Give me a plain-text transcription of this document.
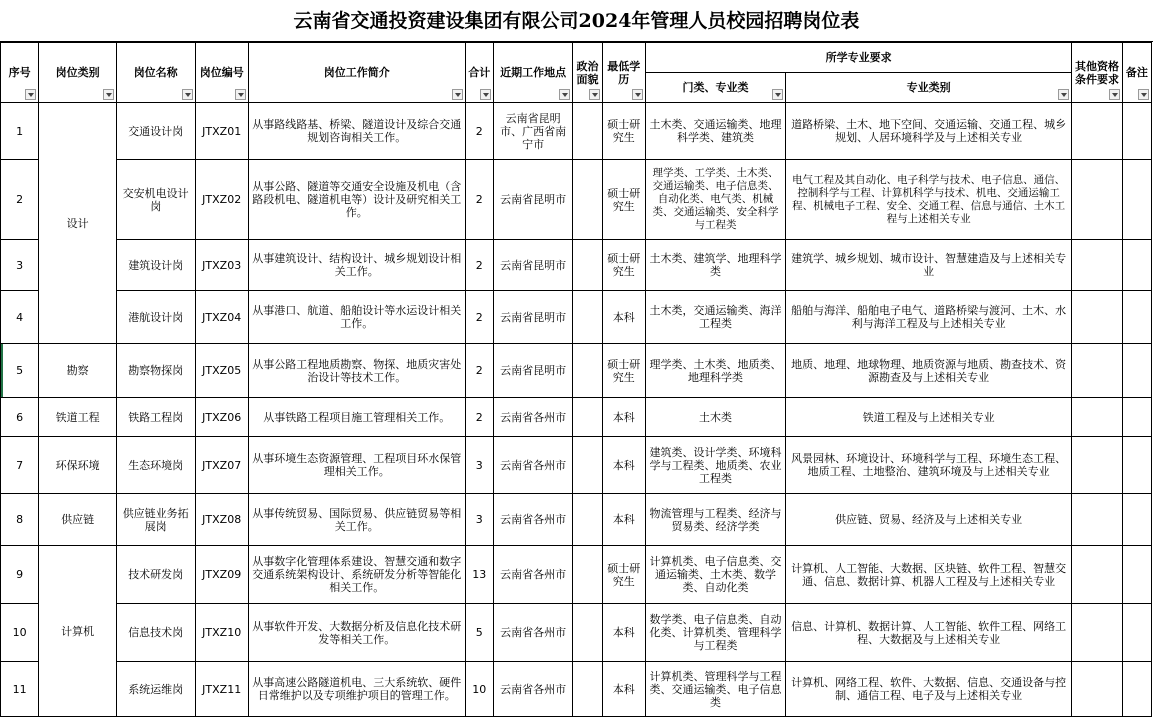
云南省交通投资建设集团有限公司2024年管理人员校园招聘岗位表
序号	岗位类别	岗位名称	岗位编号	岗位工作简介	合计	近期工作地点	政治面貌	最低学历	所学专业要求		其他资格条件要求	备注

									门类、专业类	专业类别		

1	设计	交通设计岗	JTXZ01	从事路线路基、桥梁、隧道设计及综合交通规划咨询相关工作。	2	云南省昆明市、广西省南宁市		硕士研究生	土木类、交通运输类、地理科学类、建筑类	道路桥梁、土木、地下空间、交通运输、交通工程、城乡规划、人居环境科学及与上述相关专业		
2		交安机电设计岗	JTXZ02	从事公路、隧道等交通安全设施及机电（含路段机电、隧道机电等）设计及研究相关工作。	2	云南省昆明市		硕士研究生	理学类、工学类、土木类、交通运输类、电子信息类、自动化类、电气类、机械类、交通运输类、安全科学与工程类	电气工程及其自动化、电子科学与技术、电子信息、通信、控制科学与工程、计算机科学与技术、机电、交通运输工程、机械电子工程、安全、交通工程、信息与通信、土木工程与上述相关专业		
3		建筑设计岗	JTXZ03	从事建筑设计、结构设计、城乡规划设计相关工作。	2	云南省昆明市		硕士研究生	土木类、建筑学、地理科学类	建筑学、城乡规划、城市设计、智慧建造及与上述相关专业		
4		港航设计岗	JTXZ04	从事港口、航道、船舶设计等水运设计相关工作。	2	云南省昆明市		本科	土木类，交通运输类、海洋工程类	船舶与海洋、船舶电子电气、道路桥梁与渡河、土木、水利与海洋工程及与上述相关专业		

5	勘察	勘察物探岗	JTXZ05	从事公路工程地质勘察、物探、地质灾害处治设计等技术工作。	2	云南省昆明市		硕士研究生	理学类、土木类、地质类、地理科学类	地质、地理、地球物理、地质资源与地质、勘查技术、资源勘查及与上述相关专业		
6	铁道工程	铁路工程岗	JTXZ06	从事铁路工程项目施工管理相关工作。	2	云南省各州市		本科	土木类	铁道工程及与上述相关专业		
7	环保环境	生态环境岗	JTXZ07	从事环境生态资源管理、工程项目环水保管理相关工作。	3	云南省各州市		本科	建筑类、设计学类、环境科学与工程类、地质类、农业工程类	风景园林、环境设计、环境科学与工程、环境生态工程、地质工程、土地整治、建筑环境及与上述相关专业		
8	供应链	供应链业务拓展岗	JTXZ08	从事传统贸易、国际贸易、供应链贸易等相关工作。	3	云南省各州市		本科	物流管理与工程类、经济与贸易类、经济学类	供应链、贸易、经济及与上述相关专业		
9	计算机	技术研发岗	JTXZ09	从事数字化管理体系建设、智慧交通和数字交通系统架构设计、系统研发分析等智能化相关工作。	13	云南省各州市		硕士研究生	计算机类、电子信息类、交通运输类、土木类、数学类、自动化类	计算机、人工智能、大数据、区块链、软件工程、智慧交通、信息、数据计算、机器人工程及与上述相关专业		
10		信息技术岗	JTXZ10	从事软件开发、大数据分析及信息化技术研发等相关工作。	5	云南省各州市		本科	数学类、电子信息类、自动化类、计算机类、管理科学与工程类	信息、计算机、数据计算、人工智能、软件工程、网络工程、大数据及与上述相关专业		
11		系统运维岗	JTXZ11	从事高速公路隧道机电、三大系统软、硬件日常维护以及专项维护项目的管理工作。	10	云南省各州市		本科	计算机类、管理科学与工程类、交通运输类、电子信息类	计算机、网络工程、软件、大数据、信息、交通设备与控制、通信工程、电子及与上述相关专业		
